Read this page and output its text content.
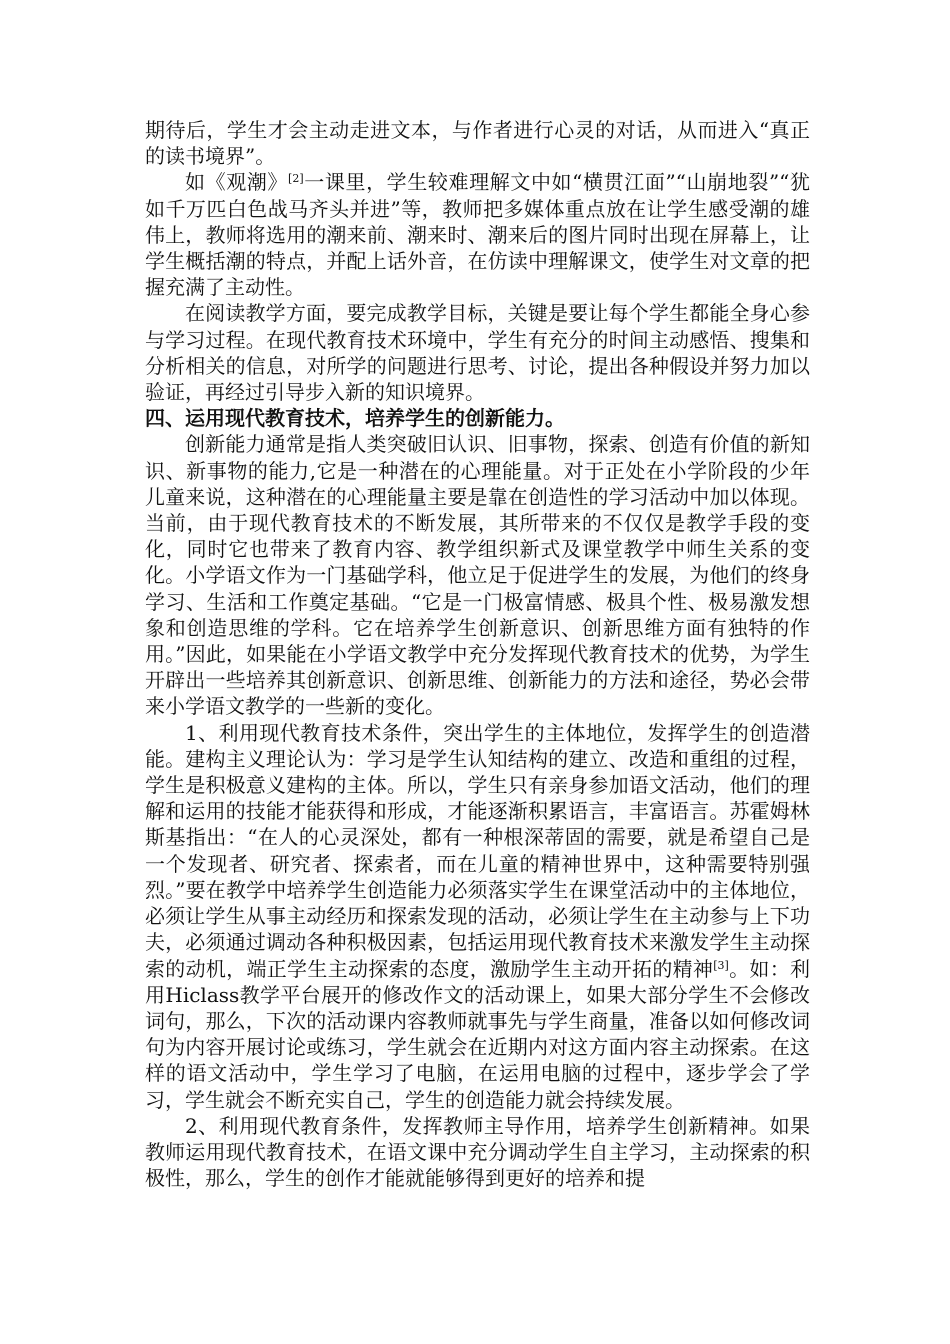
期待后，学生才会主动走进文本，与作者进行心灵的对话，从而进入“真正的读书境界”。

如《观潮》[2]一课里，学生较难理解文中如“横贯江面”“山崩地裂”“犹如千万匹白色战马齐头并进”等，教师把多媒体重点放在让学生感受潮的雄伟上，教师将选用的潮来前、潮来时、潮来后的图片同时出现在屏幕上，让学生概括潮的特点，并配上话外音，在仿读中理解课文，使学生对文章的把握充满了主动性。

在阅读教学方面，要完成教学目标，关键是要让每个学生都能全身心参与学习过程。在现代教育技术环境中，学生有充分的时间主动感悟、搜集和分析相关的信息，对所学的问题进行思考、讨论，提出各种假设并努力加以验证，再经过引导步入新的知识境界。

四、运用现代教育技术，培养学生的创新能力。

创新能力通常是指人类突破旧认识、旧事物，探索、创造有价值的新知识、新事物的能力,它是一种潜在的心理能量。对于正处在小学阶段的少年儿童来说，这种潜在的心理能量主要是靠在创造性的学习活动中加以体现。当前，由于现代教育技术的不断发展，其所带来的不仅仅是教学手段的变化，同时它也带来了教育内容、教学组织新式及课堂教学中师生关系的变化。小学语文作为一门基础学科，他立足于促进学生的发展，为他们的终身学习、生活和工作奠定基础。“它是一门极富情感、极具个性、极易激发想象和创造思维的学科。它在培养学生创新意识、创新思维方面有独特的作用。”因此，如果能在小学语文教学中充分发挥现代教育技术的优势，为学生开辟出一些培养其创新意识、创新思维、创新能力的方法和途径，势必会带来小学语文教学的一些新的变化。

1、利用现代教育技术条件，突出学生的主体地位，发挥学生的创造潜能。建构主义理论认为：学习是学生认知结构的建立、改造和重组的过程，学生是积极意义建构的主体。所以，学生只有亲身参加语文活动，他们的理解和运用的技能才能获得和形成，才能逐渐积累语言，丰富语言。苏霍姆林斯基指出：“在人的心灵深处，都有一种根深蒂固的需要，就是希望自己是一个发现者、研究者、探索者，而在儿童的精神世界中，这种需要特别强烈。”要在教学中培养学生创造能力必须落实学生在课堂活动中的主体地位，必须让学生从事主动经历和探索发现的活动，必须让学生在主动参与上下功夫，必须通过调动各种积极因素，包括运用现代教育技术来激发学生主动探索的动机，端正学生主动探索的态度，激励学生主动开拓的精神[3]。如：利用Hiclass教学平台展开的修改作文的活动课上，如果大部分学生不会修改词句，那么，下次的活动课内容教师就事先与学生商量，准备以如何修改词句为内容开展讨论或练习，学生就会在近期内对这方面内容主动探索。在这样的语文活动中，学生学习了电脑，在运用电脑的过程中，逐步学会了学习，学生就会不断充实自己，学生的创造能力就会持续发展。

2、利用现代教育条件，发挥教师主导作用，培养学生创新精神。如果教师运用现代教育技术，在语文课中充分调动学生自主学习，主动探索的积极性，那么，学生的创作才能就能够得到更好的培养和提
